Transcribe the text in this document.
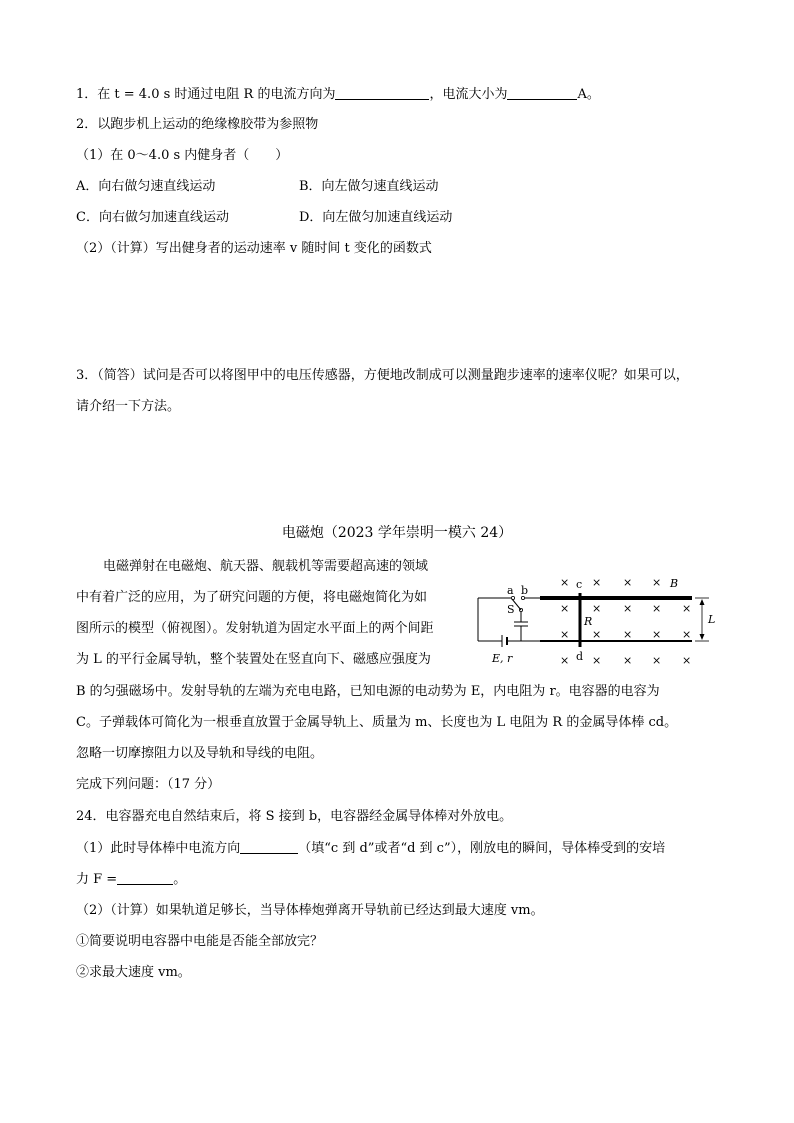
1．在 t = 4.0 s 时通过电阻 R 的电流方向为	，电流大小为	A。
2．以跑步机上运动的绝缘橡胶带为参照物
（1）在 0～4.0 s 内健身者（　　）
A．向右做匀速直线运动	B．向左做匀速直线运动
C．向右做匀加速直线运动	D．向左做匀加速直线运动
（2）（计算）写出健身者的运动速率 v 随时间 t 变化的函数式
3．（简答）试问是否可以将图甲中的电压传感器，方便地改制成可以测量跑步速率的速率仪呢？如果可以，
请介绍一下方法。
电磁炮（2023 学年崇明一模六 24）
电磁弹射在电磁炮、航天器、舰载机等需要超高速的领域
中有着广泛的应用，为了研究问题的方便，将电磁炮简化为如
图所示的模型（俯视图）。发射轨道为固定水平面上的两个间距
为 L 的平行金属导轨，整个装置处在竖直向下、磁感应强度为
B 的匀强磁场中。发射导轨的左端为充电电路，已知电源的电动势为 E，内电阻为 r。电容器的电容为
C。子弹载体可简化为一根垂直放置于金属导轨上、质量为 m、长度也为 L 电阻为 R 的金属导体棒 cd。
忽略一切摩擦阻力以及导轨和导线的电阻。
完成下列问题：（17 分）
24．电容器充电自然结束后，将 S 接到 b，电容器经金属导体棒对外放电。
（1）此时导体棒中电流方向	（填“c 到 d”或者“d 到 c”），刚放电的瞬间，导体棒受到的安培
力 F =	。
（2）（计算）如果轨道足够长，当导体棒炮弹离开导轨前已经达到最大速度 vm。
①简要说明电容器中电能是否能全部放完？
②求最大速度 vm。
× × × ×
× × × × ×
× × × × ×
× × × × ×
a b	c
d
S
B
R	L
E, r
